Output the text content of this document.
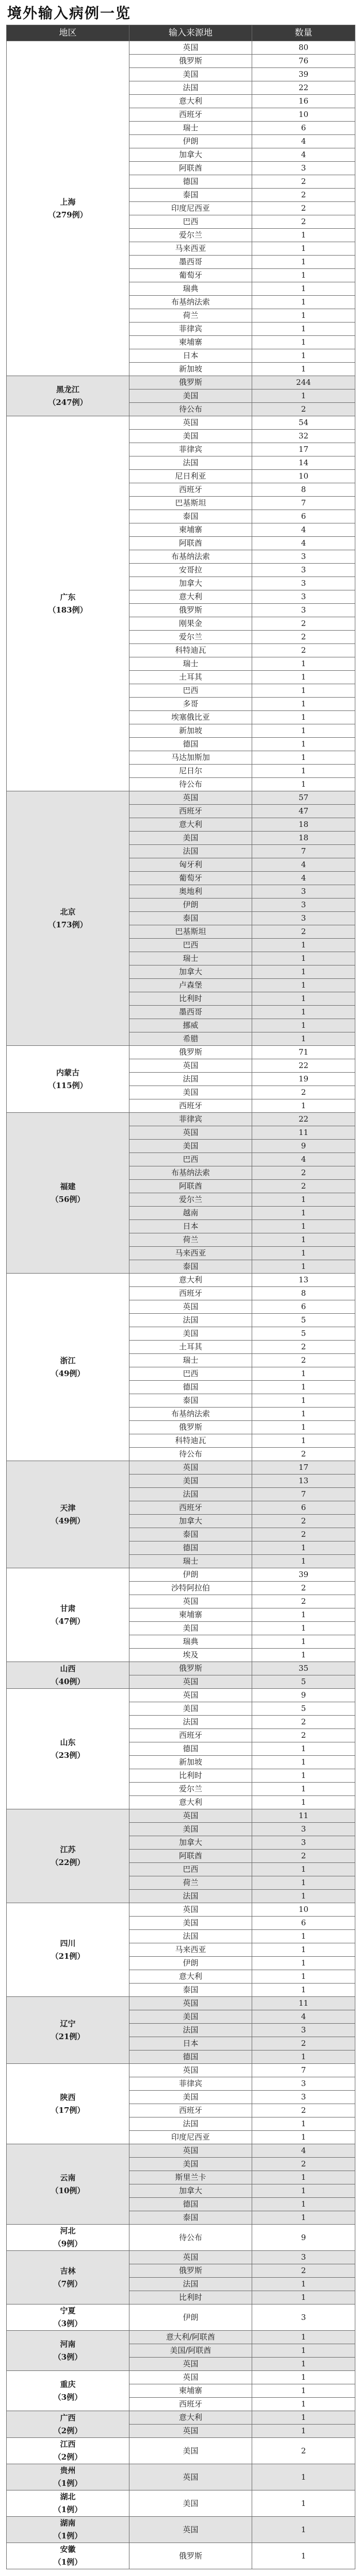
境外输入病例一览
地区	输入来源地	数量

上海
（279例）	英国	80
	俄罗斯	76
	美国	39
	法国	22
	意大利	16
	西班牙	10
	瑞士	6
	伊朗	4
	加拿大	4
	阿联酋	3
	德国	2
	泰国	2
	印度尼西亚	2
	巴西	2
	爱尔兰	1
	马来西亚	1
	墨西哥	1
	葡萄牙	1
	瑞典	1
	布基纳法索	1
	荷兰	1
	菲律宾	1
	柬埔寨	1
	日本	1
	新加坡	1

黑龙江
（247例）	俄罗斯	244
	美国	1
	待公布	2

广东
（183例）	英国	54
	美国	32
	菲律宾	17
	法国	14
	尼日利亚	10
	西班牙	8
	巴基斯坦	7
	泰国	6
	柬埔寨	4
	阿联酋	4
	布基纳法索	3
	安哥拉	3
	加拿大	3
	意大利	3
	俄罗斯	3
	刚果金	2
	爱尔兰	2
	科特迪瓦	2
	瑞士	1
	土耳其	1
	巴西	1
	多哥	1
	埃塞俄比亚	1
	新加坡	1
	德国	1
	马达加斯加	1
	尼日尔	1
	待公布	1

北京
（173例）	英国	57
	西班牙	47
	意大利	18
	美国	18
	法国	7
	匈牙利	4
	葡萄牙	4
	奥地利	3
	伊朗	3
	泰国	3
	巴基斯坦	2
	巴西	1
	瑞士	1
	加拿大	1
	卢森堡	1
	比利时	1
	墨西哥	1
	挪威	1
	希腊	1

内蒙古
（115例）	俄罗斯	71
	英国	22
	法国	19
	美国	2
	西班牙	1

福建
（56例）	菲律宾	22
	英国	11
	美国	9
	巴西	4
	布基纳法索	2
	阿联酋	2
	爱尔兰	1
	越南	1
	日本	1
	荷兰	1
	马来西亚	1
	泰国	1

浙江
（49例）	意大利	13
	西班牙	8
	英国	6
	法国	5
	美国	5
	土耳其	2
	瑞士	2
	巴西	1
	德国	1
	泰国	1
	布基纳法索	1
	俄罗斯	1
	科特迪瓦	1
	待公布	2

天津
（49例）	英国	17
	美国	13
	法国	7
	西班牙	6
	加拿大	2
	泰国	2
	德国	1
	瑞士	1

甘肃
（47例）	伊朗	39
	沙特阿拉伯	2
	英国	2
	柬埔寨	1
	美国	1
	瑞典	1
	埃及	1

山西
（40例）	俄罗斯	35
	英国	5

山东
（23例）	英国	9
	美国	5
	法国	2
	西班牙	2
	德国	1
	新加坡	1
	比利时	1
	爱尔兰	1
	意大利	1

江苏
（22例）	英国	11
	美国	3
	加拿大	3
	阿联酋	2
	巴西	1
	荷兰	1
	法国	1

四川
（21例）	英国	10
	美国	6
	法国	1
	马来西亚	1
	伊朗	1
	意大利	1
	泰国	1

辽宁
（21例）	英国	11
	美国	4
	法国	3
	日本	2
	德国	1

陕西
（17例）	英国	7
	菲律宾	3
	美国	3
	西班牙	2
	法国	1
	印度尼西亚	1

云南
（10例）	英国	4
	美国	2
	斯里兰卡	1
	加拿大	1
	德国	1
	泰国	1

河北
（9例）	待公布	9

吉林
（7例）	英国	3
	俄罗斯	2
	法国	1
	比利时	1

宁夏
（3例）	伊朗	3

河南
（3例）	意大利/阿联酋	1
	美国/阿联酋	1
	英国	1

重庆
（3例）	英国	1
	柬埔寨	1
	西班牙	1

广西
（2例）	意大利	1
	英国	1

江西
（2例）	美国	2

贵州
（1例）	英国	1

湖北
（1例）	美国	1

湖南
（1例）	英国	1

安徽
（1例）	俄罗斯	1
